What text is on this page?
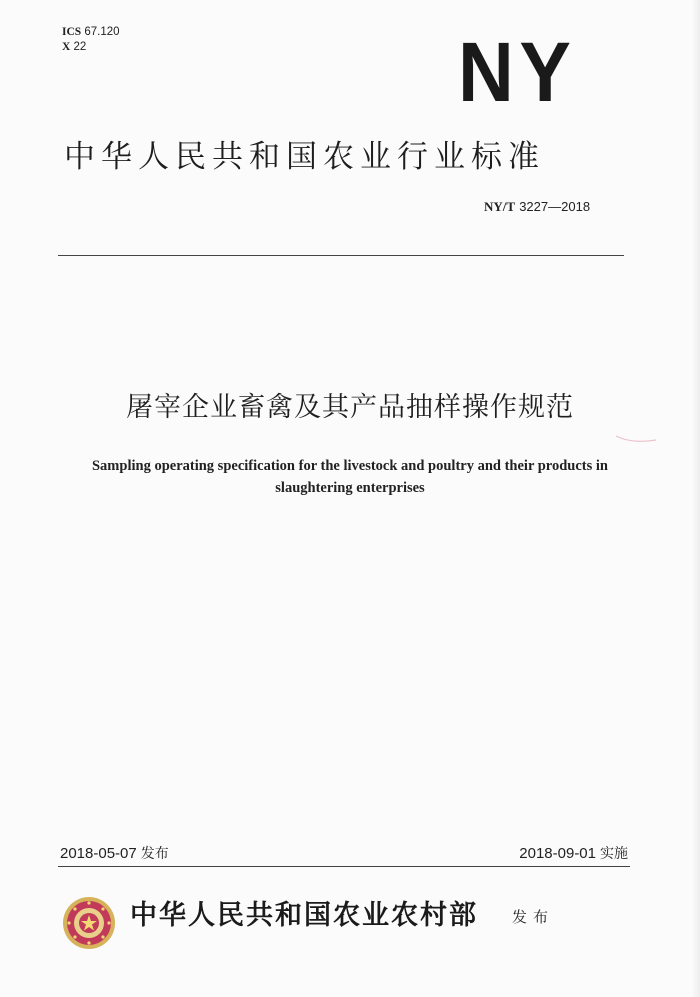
ICS 67.120
X 22	NY
中华人民共和国农业行业标准
NY/T 3227—2018
屠宰企业畜禽及其产品抽样操作规范
Sampling operating specification for the livestock and poultry and their products in
slaughtering enterprises
2018-05-07 发布	2018-09-01 实施
中华人民共和国农业农村部 发布
